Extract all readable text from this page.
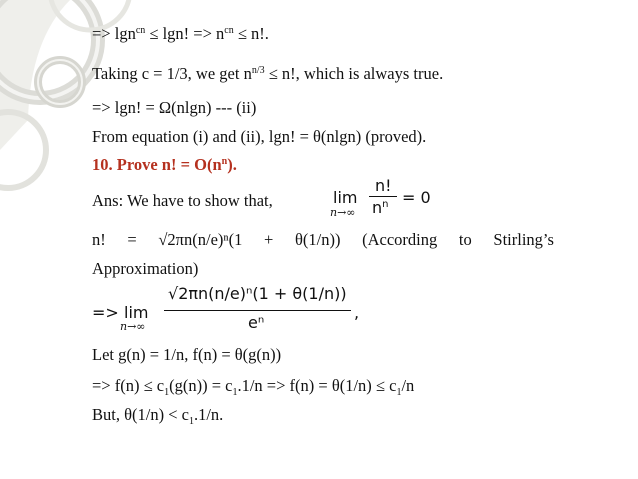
=> lgn$^{cn}$ ≤ lgn! => $n^{cn} \le n$!.
Taking c = 1/3, we get $n^{n/3} \le n$!, which is always true.
=> lgn! = Ω(nlgn) --- (ii)
From equation (i) and (ii), lgn! = θ(nlgn) (proved).
10. Prove n! = $O(n^n)$.
Ans: We have to show that,	lim
n→∞
n!
$n^n = 0$
n! = √2πn(n/e)ⁿ(1 + θ(1/n)) (According to Stirling’s
Approximation)
=> lim
n→∞
√2πn(n/e)ⁿ(1 + θ(1/n))
eⁿ
,
Let g(n) = 1/n, f(n) = θ(g(n))
=> $f(n) \le c_1(g(n)) = c_1.1/n => f(n) = \theta(1/n) \le c_1/n$
But, $\theta(1/n) < c_1.1/n$.
